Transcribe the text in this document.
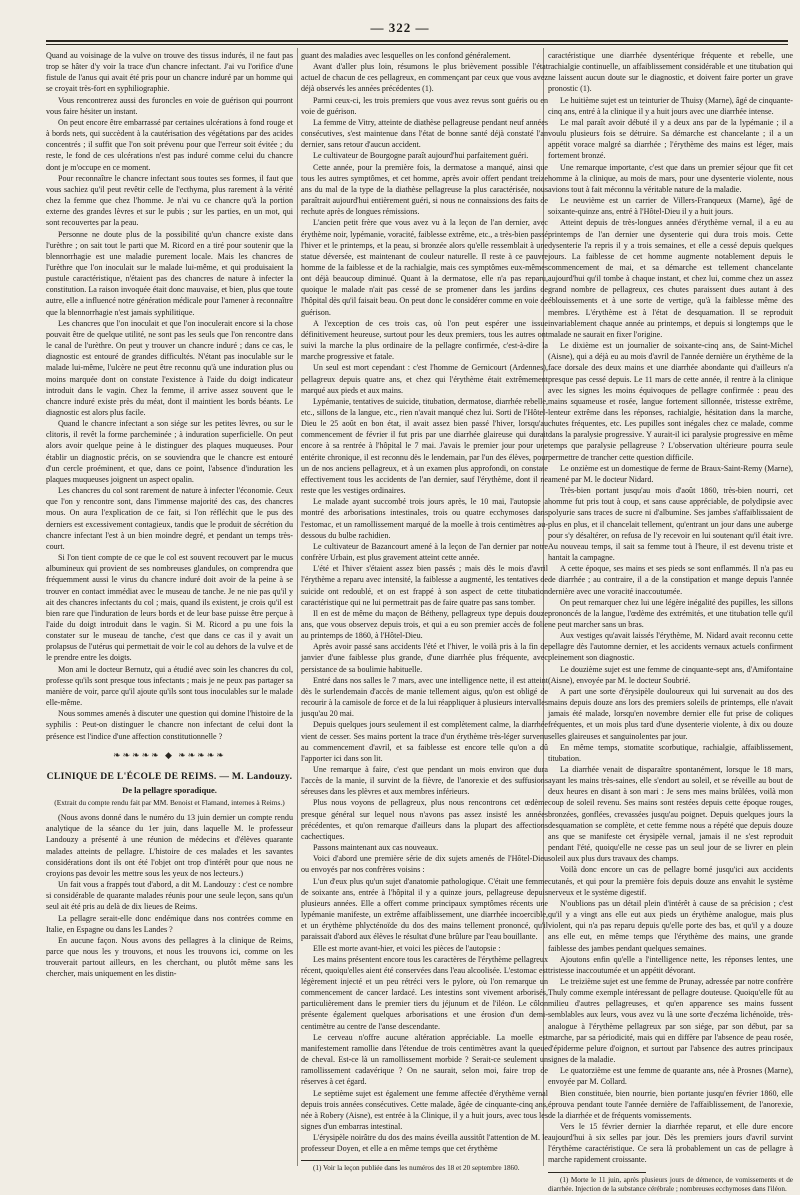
— 322 —

Quand au voisinage de la vulve on trouve des tissus indurés, il ne faut pas trop se hâter d'y voir la trace d'un chancre infectant. J'ai vu l'orifice d'une fistule de l'anus qui avait été pris pour un chancre induré par un homme qui se croyait très-fort en syphiliographie.

Vous rencontrerez aussi des furoncles en voie de guérison qui pourront vous faire hésiter un instant.

On peut encore être embarrassé par certaines ulcérations à fond rouge et à bords nets, qui succèdent à la cautérisation des végétations par des acides concentrés ; il suffit que l'on soit prévenu pour que l'erreur soit évitée ; du reste, le fond de ces ulcérations n'est pas induré comme celui du chancre dont je m'occupe en ce moment.

Pour reconnaître le chancre infectant sous toutes ses formes, il faut que vous sachiez qu'il peut revêtir celle de l'ecthyma, plus rarement à la vérité chez la femme que chez l'homme. Je n'ai vu ce chancre qu'à la portion externe des grandes lèvres et sur le pubis ; sur les parties, en un mot, qui sont recouvertes par la peau.

Personne ne doute plus de la possibilité qu'un chancre existe dans l'urèthre ; on sait tout le parti que M. Ricord en a tiré pour soutenir que la blennorrhagie est une maladie purement locale. Mais les chancres de l'urèthre que l'on inoculait sur le malade lui-même, et qui produisaient la pustule caractéristique, n'étaient pas des chancres de nature à infecter la constitution. La raison invoquée était donc mauvaise, et bien, plus que toute autre, elle a influencé notre génération médicale pour l'amener à reconnaître que la blennorrhagie n'est jamais syphilitique.

Les chancres que l'on inoculait et que l'on inoculerait encore si la chose pouvait être de quelque utilité, ne sont pas les seuls que l'on rencontre dans le canal de l'urèthre. On peut y trouver un chancre induré ; dans ce cas, le diagnostic est entouré de grandes difficultés. N'étant pas inoculable sur le malade lui-même, l'ulcère ne peut être reconnu qu'à une induration plus ou moins marquée dont on constate l'existence à l'aide du doigt indicateur introduit dans le vagin. Chez la femme, il arrive assez souvent que le chancre induré existe près du méat, dont il maintient les bords béants. Le diagnostic est alors plus facile.

Quand le chancre infectant a son siége sur les petites lèvres, ou sur le clitoris, il revêt la forme parcheminée ; à induration superficielle. On peut alors avoir quelque peine à le distinguer des plaques muqueuses. Pour établir un diagnostic précis, on se souviendra que le chancre est entouré d'un cercle proéminent, et que, dans ce point, l'absence d'induration les plaques muqueuses joignent un aspect opalin.

Les chancres du col sont rarement de nature à infecter l'économie. Ceux que l'on y rencontre sont, dans l'immense majorité des cas, des chancres mous. On aura l'explication de ce fait, si l'on réfléchit que le pus des derniers est excessivement contagieux, tandis que le produit de sécrétion du chancre infectant l'est à un bien moindre degré, et pendant un temps très-court.

Si l'on tient compte de ce que le col est souvent recouvert par le mucus albumineux qui provient de ses nombreuses glandules, on comprendra que fréquemment aussi le virus du chancre induré doit avoir de la peine à se trouver en contact immédiat avec le museau de tanche. Je ne nie pas qu'il y ait des chancres infectants du col ; mais, quand ils existent, je crois qu'il est bien rare que l'induration de leurs bords et de leur base puisse être perçue à l'aide du doigt introduit dans le vagin. Si M. Ricord a pu une fois la constater sur le museau de tanche, c'est que dans ce cas il y avait un prolapsus de l'utérus qui permettait de voir le col au dehors de la vulve et de le prendre entre les doigts.

Mon ami le docteur Bernutz, qui a étudié avec soin les chancres du col, professe qu'ils sont presque tous infectants ; mais je ne peux pas partager sa manière de voir, parce qu'il ajoute qu'ils sont tous inoculables sur le malade elle-même.

Nous sommes amenés à discuter une question qui domine l'histoire de la syphilis : Peut-on distinguer le chancre non infectant de celui dont la présence est l'indice d'une affection constitutionnelle ?

❧❧❧❧❧ ◆ ❧❧❧❧❧
CLINIQUE DE L'ÉCOLE DE REIMS. — M. Landouzy.
De la pellagre sporadique.
(Extrait du compte rendu fait par MM. Benoist et Flamand, internes à Reims.)

(Nous avons donné dans le numéro du 13 juin dernier un compte rendu analytique de la séance du 1er juin, dans laquelle M. le professeur Landouzy a présenté à une réunion de médecins et d'élèves quarante malades atteints de pellagre. L'histoire de ces malades et les savantes considérations dont ils ont été l'objet ont trop d'intérêt pour que nous ne croyions pas devoir les mettre sous les yeux de nos lecteurs.)

Un fait vous a frappés tout d'abord, a dit M. Landouzy : c'est ce nombre si considérable de quarante malades réunis pour une seule leçon, sans qu'un seul ait été pris au delà de dix lieues de Reims.

La pellagre serait-elle donc endémique dans nos contrées comme en Italie, en Espagne ou dans les Landes ?

En aucune façon. Nous avons des pellagres à la clinique de Reims, parce que nous les y trouvons, et nous les trouvons ici, comme on les trouverait partout ailleurs, en les cherchant, ou plutôt même sans les chercher, mais uniquement en les distin-

guant des maladies avec lesquelles on les confond généralement.

Avant d'aller plus loin, résumons le plus brièvement possible l'état actuel de chacun de ces pellagreux, en commençant par ceux que vous avez déjà observés les années précédentes (1).

Parmi ceux-ci, les trois premiers que vous avez revus sont guéris ou en voie de guérison.

La femme de Vitry, atteinte de diathèse pellagreuse pendant neuf années consécutives, s'est maintenue dans l'état de bonne santé déjà constaté l'an dernier, sans retour d'aucun accident.

Le cultivateur de Bourgogne paraît aujourd'hui parfaitement guéri.

Cette année, pour la première fois, la dermatose a manqué, ainsi que tous les autres symptômes, et cet homme, après avoir offert pendant treize ans du mal de la type de la diathèse pellagreuse la plus caractérisée, nous paraîtrait aujourd'hui entièrement guéri, si nous ne connaissions des faits de rechute après de longues rémissions.

L'ancien petit frère que vous avez vu à la leçon de l'an dernier, avec érythème noir, lypémanie, voracité, faiblesse extrême, etc., a très-bien passé l'hiver et le printemps, et la peau, si bronzée alors qu'elle ressemblait à une statue déversée, est maintenant de couleur naturelle. Il reste à ce pauvre homme de la faiblesse et de la rachialgie, mais ces symptômes eux-mêmes ont déjà beaucoup diminué. Quant à la dermatose, elle n'a pas reparu, quoique le malade n'ait pas cessé de se promener dans les jardins de l'hôpital dès qu'il faisait beau. On peut donc le considérer comme en voie de guérison.

A l'exception de ces trois cas, où l'on peut espérer une issue définitivement heureuse, surtout pour les deux premiers, tous les autres ont suivi la marche la plus ordinaire de la pellagre confirmée, c'est-à-dire la marche progressive et fatale.

Un seul est mort cependant : c'est l'homme de Gernicourt (Ardennes), pellagreux depuis quatre ans, et chez qui l'érythème était extrêmement marqué aux pieds et aux mains.

Lypémanie, tentatives de suicide, titubation, dermatose, diarrhée rebelle, etc., sillons de la langue, etc., rien n'avait manqué chez lui. Sorti de l'Hôtel-Dieu le 25 août en bon état, il avait assez bien passé l'hiver, lorsqu'au commencement de février il fut pris par une diarrhée glaireuse qui durait encore à sa rentrée à l'hôpital le 7 mai. J'avais le premier jour pour une entérite chronique, il est reconnu dès le lendemain, par l'un des élèves, pour un de nos anciens pellagreux, et à un examen plus approfondi, on constate effectivement tous les accidents de l'an dernier, sauf l'érythème, dont il ne reste que les vestiges ordinaires.

Le malade ayant succombé trois jours après, le 10 mai, l'autopsie a montré des arborisations intestinales, trois ou quatre ecchymoses dans l'estomac, et un ramollissement marqué de la moelle à trois centimètres au-dessous du bulbe rachidien.

Le cultivateur de Bazancourt amené à la leçon de l'an dernier par notre confrère Urbain, est plus gravement atteint cette année.

L'été et l'hiver s'étaient assez bien passés ; mais dès le mois d'avril l'érythème a reparu avec intensité, la faiblesse a augmenté, les tentatives de suicide ont redoublé, et on est frappé à son aspect de cette titubation caractéristique qui ne lui permettrait pas de faire quatre pas sans tomber.

Il en est de même du maçon de Bétheny, pellagreux type depuis douze ans, que vous observez depuis trois, et qui a eu son premier accès de folie au printemps de 1860, à l'Hôtel-Dieu.

Après avoir passé sans accidents l'été et l'hiver, le voilà pris à la fin de janvier d'une faiblesse plus grande, d'une diarrhée plus fréquente, avec persistance de sa boulimie habituelle.

Entré dans nos salles le 7 mars, avec une intelligence nette, il est atteint dès le surlendemain d'accès de manie tellement aigus, qu'on est obligé de recourir à la camisole de force et de la lui réappliquer à plusieurs intervalles jusqu'au 20 mai.

Depuis quelques jours seulement il est complètement calme, la diarrhée vient de cesser. Ses mains portent la trace d'un érythème très-léger survenu au commencement d'avril, et sa faiblesse est encore telle qu'on a dû l'apporter ici dans son lit.

Une remarque à faire, c'est que pendant un mois environ que dura l'accès de la manie, il survint de la fièvre, de l'anorexie et des suffusions séreuses dans les plèvres et aux membres inférieurs.

Plus nous voyons de pellagreux, plus nous rencontrons cet œdème presque général sur lequel nous n'avons pas assez insisté les années précédentes, et qu'on remarque d'ailleurs dans la plupart des affections cachectiques.

Passons maintenant aux cas nouveaux.

Voici d'abord une première série de dix sujets amenés de l'Hôtel-Dieu ou envoyés par nos confrères voisins :

L'un d'eux plus qu'un sujet d'anatomie pathologique. C'était une femme de soixante ans, entrée à l'hôpital il y a quinze jours, pellagreuse depuis plusieurs années. Elle a offert comme principaux symptômes récents une lypémanie manifeste, un extrême affaiblissement, une diarrhée incoercible, et un érythème phlycténoïde du dos des mains tellement prononcé, qu'il paraissait d'abord aux élèves le résultat d'une brûlure par l'eau bouillante.

Elle est morte avant-hier, et voici les pièces de l'autopsie :

Les mains présentent encore tous les caractères de l'érythème pellagreux récent, quoiqu'elles aient été conservées dans l'eau alcoolisée. L'estomac est légèrement injecté et un peu rétréci vers le pylore, où l'on remarque un commencement de cancer lardacé. Les intestins sont vivement arborisés, particulièrement dans le premier tiers du jéjunum et de l'iléon. Le côlon présente également quelques arborisations et une érosion d'un demi-centimètre au centre de l'anse descendante.

Le cerveau n'offre aucune altération appréciable. La moelle est manifestement ramollie dans l'étendue de trois centimètres avant la queue de cheval. Est-ce là un ramollissement morbide ? Serait-ce seulement un ramollissement cadavérique ? On ne saurait, selon moi, faire trop de réserves à cet égard.

Le septième sujet est également une femme affectée d'érythème vernal depuis trois années consécutives. Cette malade, âgée de cinquante-cinq ans, née à Robery (Aisne), est entrée à la Clinique, il y a huit jours, avec tous les signes d'un embarras intestinal.

L'érysipèle noirâtre du dos des mains éveilla aussitôt l'attention de M. le professeur Doyen, et elle a en même temps que cet érythème

(1) Voir la leçon publiée dans les numéros des 18 et 20 septembre 1860.

caractéristique une diarrhée dysentérique fréquente et rebelle, une rachialgie continuelle, un affaiblissement considérable et une titubation qui ne laissent aucun doute sur le diagnostic, et doivent faire porter un grave pronostic (1).

Le huitième sujet est un teinturier de Thuisy (Marne), âgé de cinquante-cinq ans, entré à la clinique il y a huit jours avec une diarrhée intense.

Le mal paraît avoir débuté il y a deux ans par de la lypémanie ; il a voulu plusieurs fois se détruire. Sa démarche est chancelante ; il a un appétit vorace malgré sa diarrhée ; l'érythème des mains est léger, mais fortement bronzé.

Une remarque importante, c'est que dans un premier séjour que fit cet homme à la clinique, au mois de mars, pour une dysenterie violente, nous avions tout à fait méconnu la véritable nature de la maladie.

Le neuvième est un carrier de Villers-Franqueux (Marne), âgé de soixante-quinze ans, entré à l'Hôtel-Dieu il y a huit jours.

Atteint depuis de très-longues années d'érythème vernal, il a eu au printemps de l'an dernier une dysenterie qui dura trois mois. Cette dysenterie l'a repris il y a trois semaines, et elle a cessé depuis quelques jours. La faiblesse de cet homme augmente notablement depuis le commencement de mai, et sa démarche est tellement chancelante aujourd'hui qu'il tombe à chaque instant, et chez lui, comme chez un assez grand nombre de pellagreux, ces chutes paraissent dues autant à des éblouissements et à une sorte de vertige, qu'à la faiblesse même des membres. L'érythème est à l'état de desquamation. Il se reproduit invariablement chaque année au printemps, et depuis si longtemps que le malade ne saurait en fixer l'origine.

Le dixième est un journalier de soixante-cinq ans, de Saint-Michel (Aisne), qui a déjà eu au mois d'avril de l'année dernière un érythème de la face dorsale des deux mains et une diarrhée abondante qui d'ailleurs n'a presque pas cessé depuis. Le 11 mars de cette année, il rentre à la clinique avec les signes les moins équivoques de pellagre confirmée : peau des mains squameuse et rosée, langue fortement sillonnée, tristesse extrême, lenteur extrême dans les réponses, rachialgie, hésitation dans la marche, chutes fréquentes, etc. Les pupilles sont inégales chez ce malade, comme dans la paralysie progressive. Y aurait-il ici paralysie progressive en même temps que paralysie pellagreuse ? L'observation ultérieure pourra seule permettre de trancher cette question difficile.

Le onzième est un domestique de ferme de Braux-Saint-Remy (Marne), amené par M. le docteur Nidard.

Très-bien portant jusqu'au mois d'août 1860, très-bien nourri, cet homme fut pris tout à coup, et sans cause appréciable, de polydipsie avec polyurie sans traces de sucre ni d'albumine. Ses jambes s'affaiblissaient de plus en plus, et il chancelait tellement, qu'entrant un jour dans une auberge pour s'y désaltérer, on refusa de l'y recevoir en lui soutenant qu'il était ivre. Au nouveau temps, il sait sa femme tout à l'heure, il est devenu triste et hantait la campagne.

A cette époque, ses mains et ses pieds se sont enflammés. Il n'a pas eu de diarrhée ; au contraire, il a de la constipation et mange depuis l'année dernière avec une voracité inaccoutumée.

On peut remarquer chez lui une légère inégalité des pupilles, les sillons prononcés de la langue, l'œdème des extrémités, et une titubation telle qu'il ne peut marcher sans un bras.

Aux vestiges qu'avait laissés l'érythème, M. Nidard avait reconnu cette pellagre dès l'automne dernier, et les accidents vernaux actuels confirment pleinement son diagnostic.

Le douzième sujet est une femme de cinquante-sept ans, d'Amifontaine (Aisne), envoyée par M. le docteur Soubrié.

A part une sorte d'érysipèle douloureux qui lui survenait au dos des mains depuis douze ans lors des premiers soleils de printemps, elle n'avait jamais été malade, lorsqu'en novembre dernier elle fut prise de coliques fréquentes, et un mois plus tard d'une dysenterie violente, à dix ou douze selles glaireuses et sanguinolentes par jour.

En même temps, stomatite scorbutique, rachialgie, affaiblissement, titubation.

La diarrhée venait de disparaître spontanément, lorsque le 18 mars, ayant les mains très-saines, elle s'endort au soleil, et se réveille au bout de deux heures en disant à son mari : Je sens mes mains brûlées, voilà mon coup de soleil revenu. Ses mains sont restées depuis cette époque rouges, bronzées, gonflées, crevassées jusqu'au poignet. Depuis quelques jours la desquamation se complète, et cette femme nous a répété que depuis douze ans que se manifeste cet érysipèle vernal, jamais il ne s'est reproduit pendant l'été, quoiqu'elle ne cesse pas un seul jour de se livrer en plein soleil aux plus durs travaux des champs.

Voilà donc encore un cas de pellagre borné jusqu'ici aux accidents cutanés, et qui pour la première fois depuis douze ans envahit le système nerveux et le système digestif.

N'oublions pas un détail plein d'intérêt à cause de sa précision ; c'est qu'il y a vingt ans elle eut aux pieds un érythème analogue, mais plus violent, qui n'a pas reparu depuis qu'elle porte des bas, et qu'il y a douze ans elle eut, en même temps que l'érythème des mains, une grande faiblesse des jambes pendant quelques semaines.

Ajoutons enfin qu'elle a l'intelligence nette, les réponses lentes, une tristesse inaccoutumée et un appétit dévorant.

Le treizième sujet est une femme de Prunay, adressée par notre confrère Thuly comme exemple intéressant de pellagre douteuse. Quoiqu'elle fût au milieu d'autres pellagreuses, et qu'en apparence ses mains fussent semblables aux leurs, vous avez vu là une sorte d'eczéma lichénoïde, très-analogue à l'érythème pellagreux par son siége, par son début, par sa marche, par sa périodicité, mais qui en diffère par l'absence de peau rosée, d'épiderme pelure d'oignon, et surtout par l'absence des autres principaux signes de la maladie.

Le quatorzième est une femme de quarante ans, née à Prosnes (Marne), envoyée par M. Collard.

Bien constituée, bien nourrie, bien portante jusqu'en février 1860, elle éprouva pendant toute l'année dernière de l'affaiblissement, de l'anorexie, de la diarrhée et de fréquents vomissements.

Vers le 15 février dernier la diarrhée reparut, et elle dure encore aujourd'hui à six selles par jour. Dès les premiers jours d'avril survint l'érythème caractéristique. Ce sera là probablement un cas de pellagre à marche rapidement croissante.

(1) Morte le 11 juin, après plusieurs jours de démence, de vomissements et de diarrhée. Injection de la substance cérébrale ; nombreuses ecchymoses dans l'iléon.
